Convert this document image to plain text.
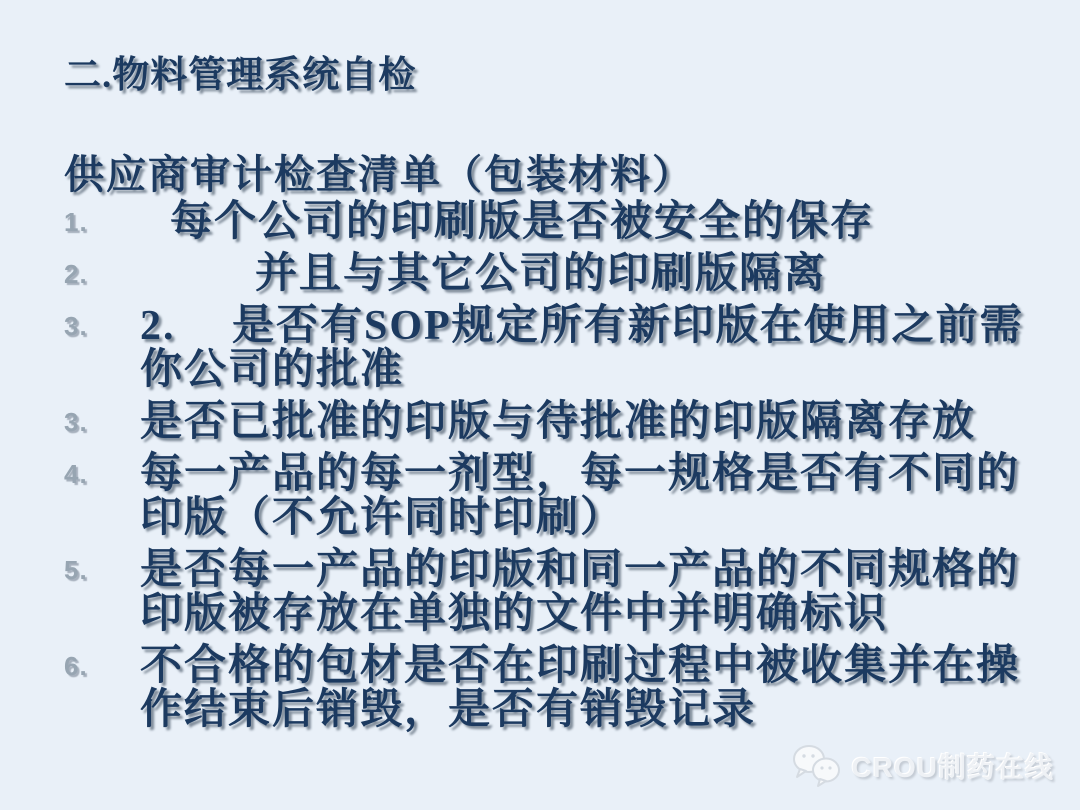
二.物料管理系统自检
供应商审计检查清单（包装材料）
1.	每个公司的印刷版是否被安全的保存
2.	并且与其它公司的印刷版隔离
3.	2.　 是否有SOP规定所有新印版在使用之前需你公司的批准
3.	是否已批准的印版与待批准的印版隔离存放
4.	每一产品的每一剂型，每一规格是否有不同的印版（不允许同时印刷）
5.	是否每一产品的印版和同一产品的不同规格的印版被存放在单独的文件中并明确标识
6.	不合格的包材是否在印刷过程中被收集并在操作结束后销毁，是否有销毁记录
CROU制药在线
